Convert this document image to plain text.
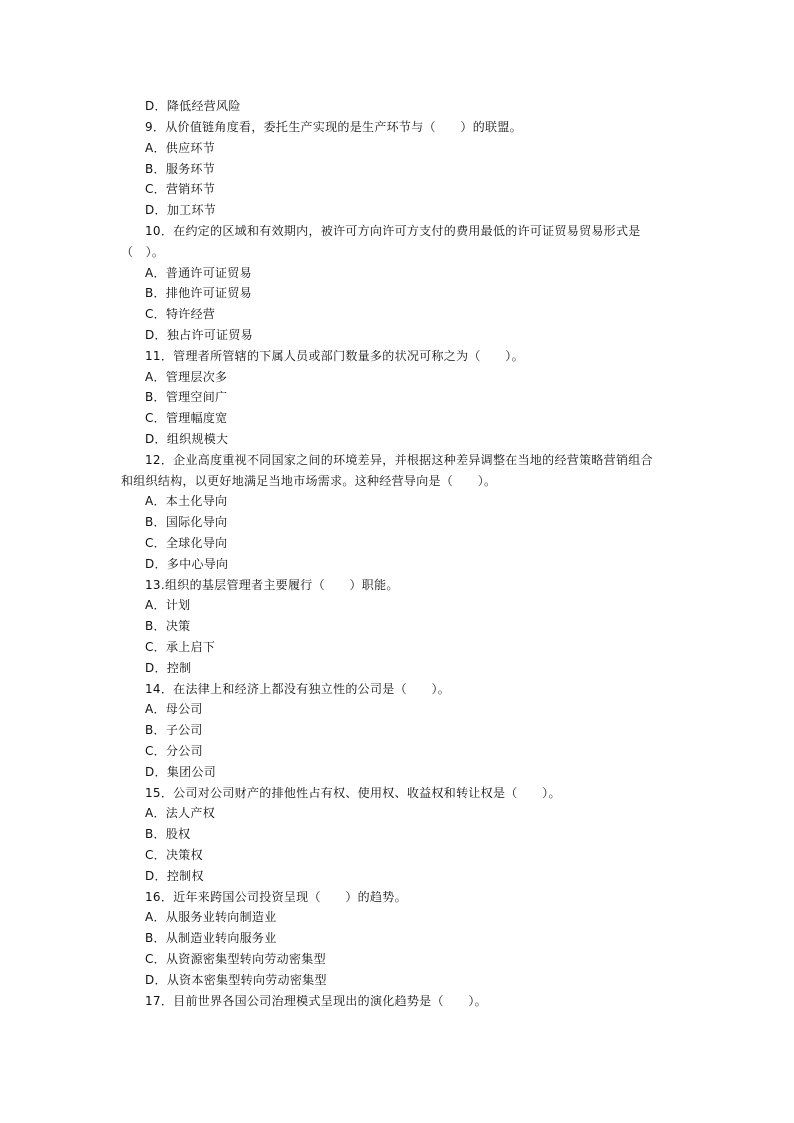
D．降低经营风险
9．从价值链角度看，委托生产实现的是生产环节与（　　）的联盟。
A．供应环节
B．服务环节
C．营销环节
D．加工环节
10．在约定的区域和有效期内，被许可方向许可方支付的费用最低的许可证贸易贸易形式是
（　）。
A．普通许可证贸易
B．排他许可证贸易
C．特许经营
D．独占许可证贸易
11．管理者所管辖的下属人员或部门数量多的状况可称之为（　　）。
A．管理层次多
B．管理空间广
C．管理幅度宽
D．组织规模大
12．企业高度重视不同国家之间的环境差异，并根据这种差异调整在当地的经营策略营销组合
和组织结构，以更好地满足当地市场需求。这种经营导向是（　　）。
A．本土化导向
B．国际化导向
C．全球化导向
D．多中心导向
13.组织的基层管理者主要履行（　　）职能。
A．计划
B．决策
C．承上启下
D．控制
14．在法律上和经济上都没有独立性的公司是（　　）。
A．母公司
B．子公司
C．分公司
D．集团公司
15．公司对公司财产的排他性占有权、使用权、收益权和转让权是（　　）。
A．法人产权
B．股权
C．决策权
D．控制权
16．近年来跨国公司投资呈现（　　）的趋势。
A．从服务业转向制造业
B．从制造业转向服务业
C．从资源密集型转向劳动密集型
D．从资本密集型转向劳动密集型
17．目前世界各国公司治理模式呈现出的演化趋势是（　　）。
